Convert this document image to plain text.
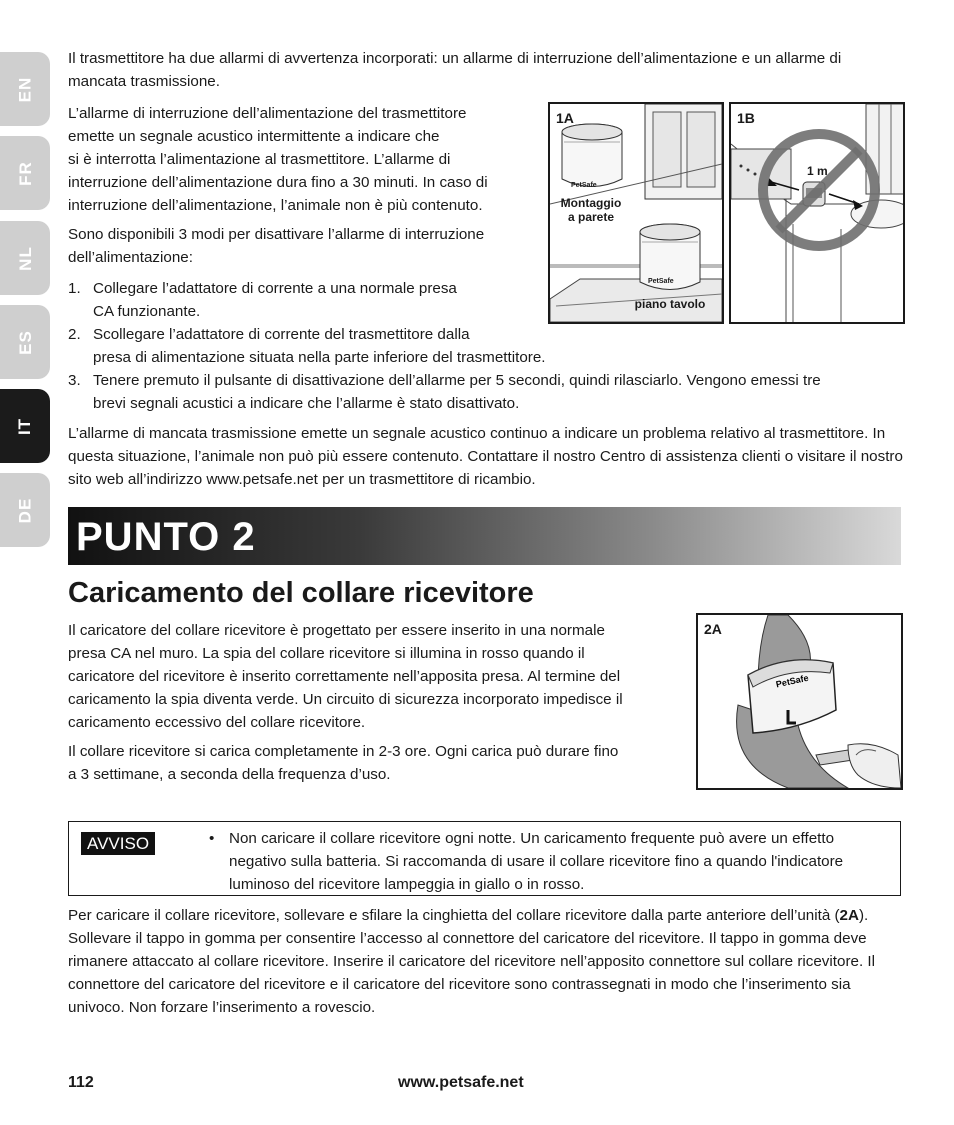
EN
FR
NL
ES
IT
DE

Il trasmettitore ha due allarmi di avvertenza incorporati: un allarme di interruzione dell’alimentazione e un allarme di mancata trasmissione.

L’allarme di interruzione dell’alimentazione del trasmettitore
emette un segnale acustico intermittente a indicare che
si è interrotta l’alimentazione al trasmettitore. L’allarme di
interruzione dell’alimentazione dura fino a 30 minuti. In caso di
interruzione dell’alimentazione, l’animale non è più contenuto.
Sono disponibili 3 modi per disattivare l’allarme di interruzione
dell’alimentazione:
1. Collegare l’adattatore di corrente a una normale presa
CA funzionante.
2. Scollegare l’adattatore di corrente del trasmettitore dalla
presa di alimentazione situata nella parte inferiore del trasmettitore.
3. Tenere premuto il pulsante di disattivazione dell’allarme per 5 secondi, quindi rilasciarlo. Vengono emessi tre
brevi segnali acustici a indicare che l’allarme è stato disattivato.

L’allarme di mancata trasmissione emette un segnale acustico continuo a indicare un problema relativo al trasmettitore. In questa situazione, l’animale non può più essere contenuto. Contattare il nostro Centro di assistenza clienti o visitare il nostro sito web all’indirizzo www.petsafe.net per un trasmettitore di ricambio.

1A
PetSafe
PetSafe
Montaggio
a parete
piano tavolo
1B
1 m
PUNTO 2
Caricamento del collare ricevitore
Il caricatore del collare ricevitore è progettato per essere inserito in una normale
presa CA nel muro. La spia del collare ricevitore si illumina in rosso quando il
caricatore del ricevitore è inserito correttamente nell’apposita presa. Al termine del
caricamento la spia diventa verde. Un circuito di sicurezza incorporato impedisce il
caricamento eccessivo del collare ricevitore.
Il collare ricevitore si carica completamente in 2-3 ore. Ogni carica può durare fino
a 3 settimane, a seconda della frequenza d’uso.
PetSafe
2A
AVVISO	• Non caricare il collare ricevitore ogni notte. Un caricamento frequente può avere un effetto negativo sulla batteria. Si raccomanda di usare il collare ricevitore fino a quando l'indicatore luminoso del ricevitore lampeggia in giallo o in rosso.

Per caricare il collare ricevitore, sollevare e sfilare la cinghietta del collare ricevitore dalla parte anteriore dell’unità (2A). Sollevare il tappo in gomma per consentire l’accesso al connettore del caricatore del ricevitore. Il tappo in gomma deve rimanere attaccato al collare ricevitore. Inserire il caricatore del ricevitore nell’apposito connettore sul collare ricevitore. Il connettore del caricatore del ricevitore e il caricatore del ricevitore sono contrassegnati in modo che l’inserimento sia univoco. Non forzare l’inserimento a rovescio.

112	www.petsafe.net
